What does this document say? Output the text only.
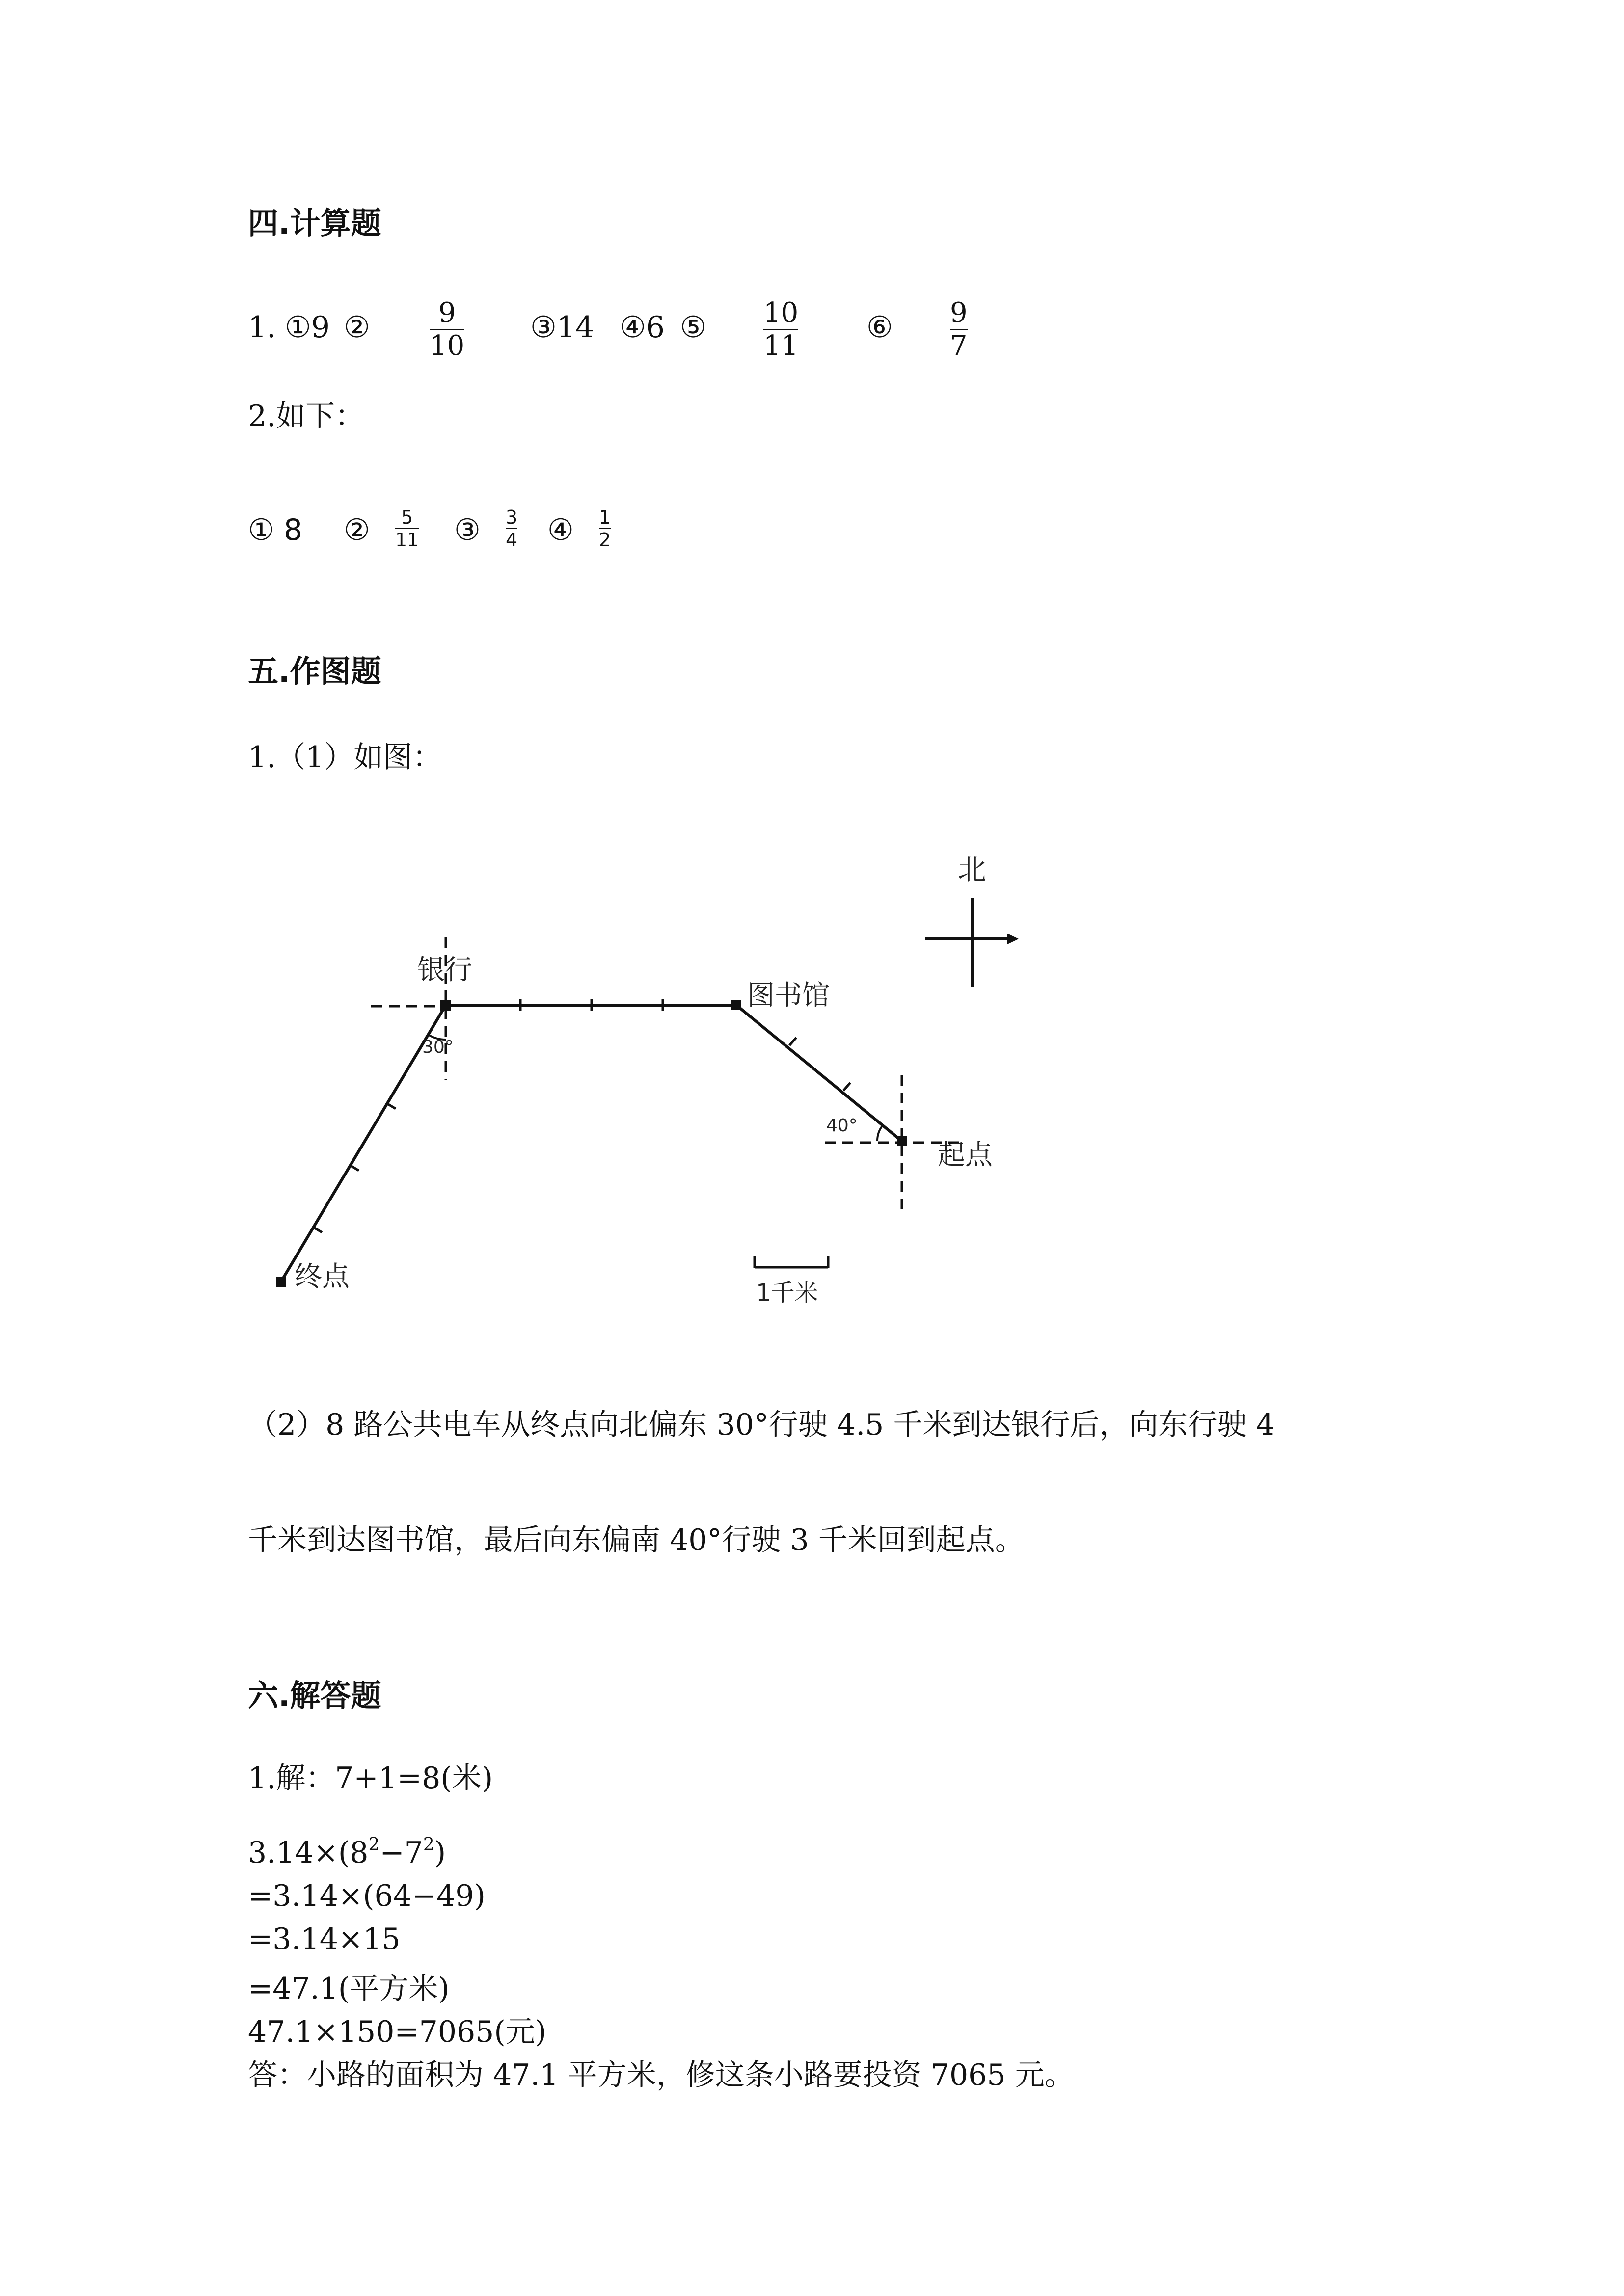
四.计算题
1. ①9 ② 9
10
③14 ④6 ⑤ 10
11
⑥ 9
7
2.如下：
① 8 ② 5
11 ③ 3
4 ④ 1
2
五.作图题
1.（1）如图：
北
银行
图书馆
起点
终点
30°
40°
1千米
（2）8 路公共电车从终点向北偏东 30°行驶 4.5 千米到达银行后，向东行驶 4
千米到达图书馆，最后向东偏南 40°行驶 3 千米回到起点。
六.解答题
1.解：7+1=8(米)
$3.14\times(8^2-7^2)$
=3.14×(64−49)
=3.14×15
=47.1(平方米)
47.1×150=7065(元)
答：小路的面积为 47.1 平方米，修这条小路要投资 7065 元。
